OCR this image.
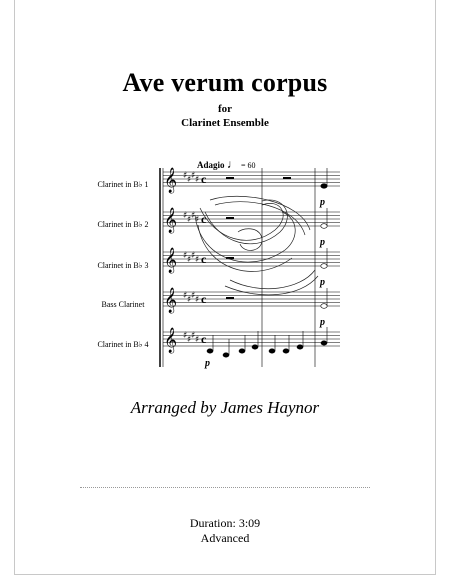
Ave verum corpus
for
Clarinet Ensemble
Adagio ♩ = 60
Clarinet in B♭ 1
Clarinet in B♭ 2
Clarinet in B♭ 3
Bass Clarinet
Clarinet in B♭ 4
𝄞 ♯ ♯ ♯ ♯ c
𝄞 ♯ ♯ ♯ ♯ c
𝄞 ♯ ♯ ♯ ♯ c
𝄞 ♯ ♯ ♯ ♯ c
𝄞 ♯ ♯ ♯ ♯ c
p
p
p
p
p
Arranged by James Haynor
Duration: 3:09
Advanced
